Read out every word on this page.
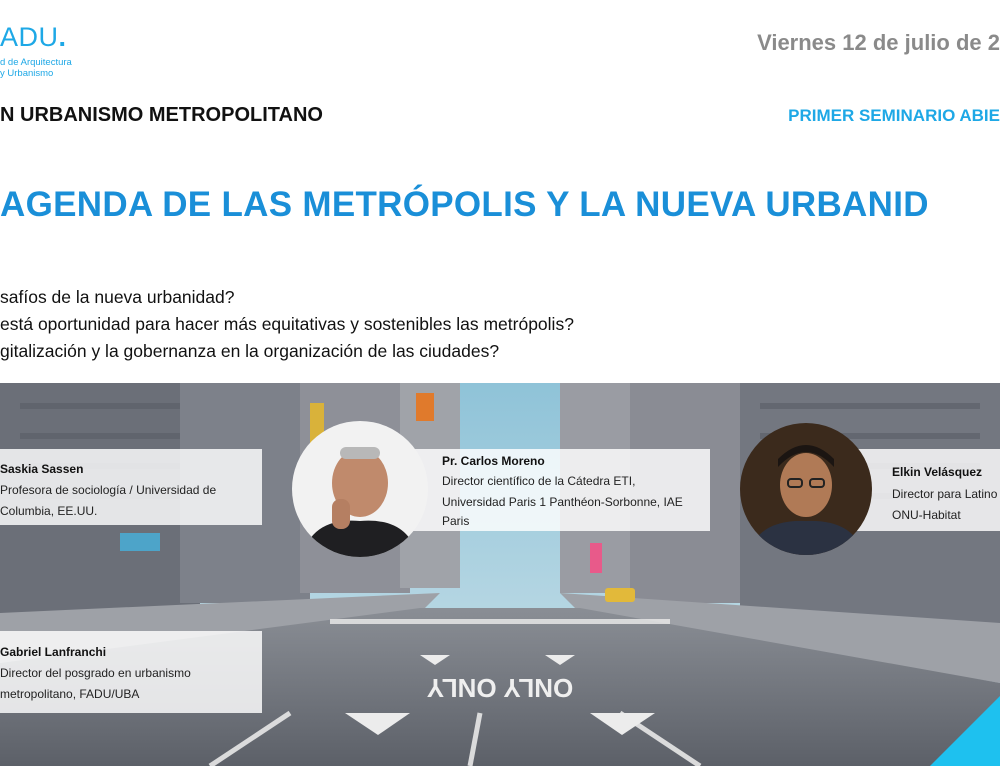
ADU.
d de Arquitectura
y Urbanismo
Viernes 12 de julio de 2
N URBANISMO METROPOLITANO	PRIMER SEMINARIO ABIE
AGENDA DE LAS METRÓPOLIS Y LA NUEVA URBANID
safíos de la nueva urbanidad?
está oportunidad para hacer más equitativas y sostenibles las metrópolis?
gitalización y la gobernanza en la organización de las ciudades?
ONLY ONLY
Saskia Sassen
Profesora de sociología / Universidad de
Columbia, EE.UU.
Pr. Carlos Moreno
Director científico de la Cátedra ETI,
Universidad Paris 1 Panthéon-Sorbonne, IAE
Paris
Elkin Velásquez
Director para Latino
ONU-Habitat
Gabriel Lanfranchi
Director del posgrado en urbanismo
metropolitano, FADU/UBA
